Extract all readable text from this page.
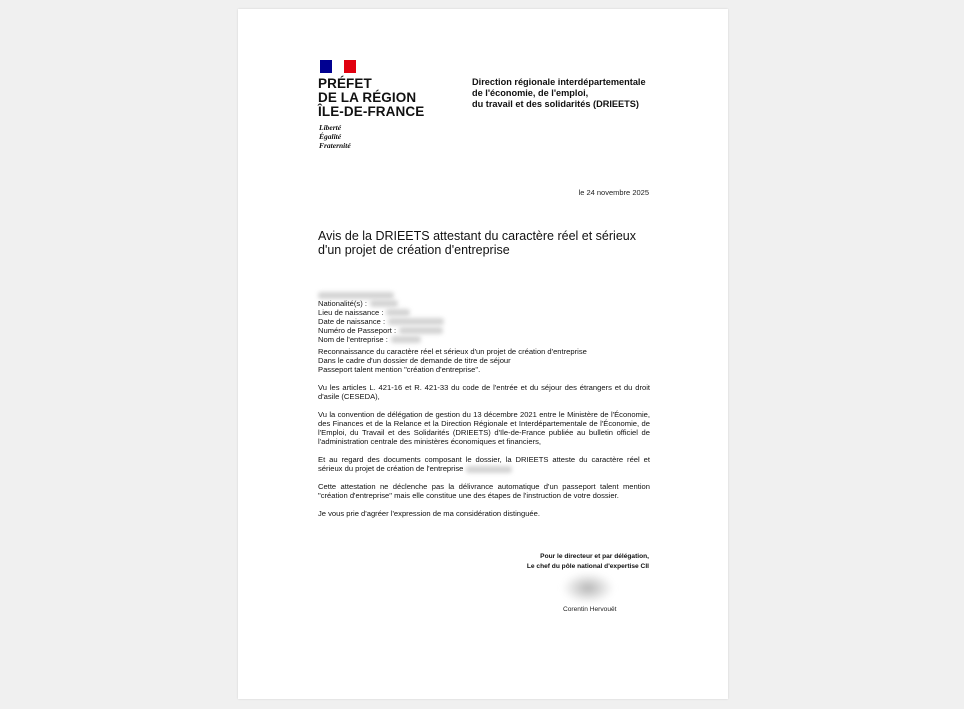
PRÉFET
DE LA RÉGION
ÎLE-DE-FRANCE
Liberté
Égalité
Fraternité
Direction régionale interdépartementale
de l'économie, de l'emploi,
du travail et des solidarités (DRIEETS)
le 24 novembre 2025
Avis de la DRIEETS attestant du caractère réel et sérieux d'un projet de création d'entreprise
Nationalité(s) :
Lieu de naissance :
Date de naissance :
Numéro de Passeport :
Nom de l'entreprise :

Reconnaissance du caractère réel et sérieux d'un projet de création d'entreprise
Dans le cadre d'un dossier de demande de titre de séjour
Passeport talent mention "création d'entreprise".

Vu les articles L. 421-16 et R. 421-33 du code de l'entrée et du séjour des étrangers et du droit d'asile (CESEDA),

Vu la convention de délégation de gestion du 13 décembre 2021 entre le Ministère de l'Économie, des Finances et de la Relance et la Direction Régionale et Interdépartementale de l'Économie, de l'Emploi, du Travail et des Solidarités (DRIEETS) d'Ile-de-France publiée au bulletin officiel de l'administration centrale des ministères économiques et financiers,

Et au regard des documents composant le dossier, la DRIEETS atteste du caractère réel et sérieux du projet de création de l'entreprise

Cette attestation ne déclenche pas la délivrance automatique d'un passeport talent mention "création d'entreprise" mais elle constitue une des étapes de l'instruction de votre dossier.

Je vous prie d'agréer l'expression de ma considération distinguée.

Pour le directeur et par délégation,
Le chef du pôle national d'expertise CII
Corentin Hervouët
